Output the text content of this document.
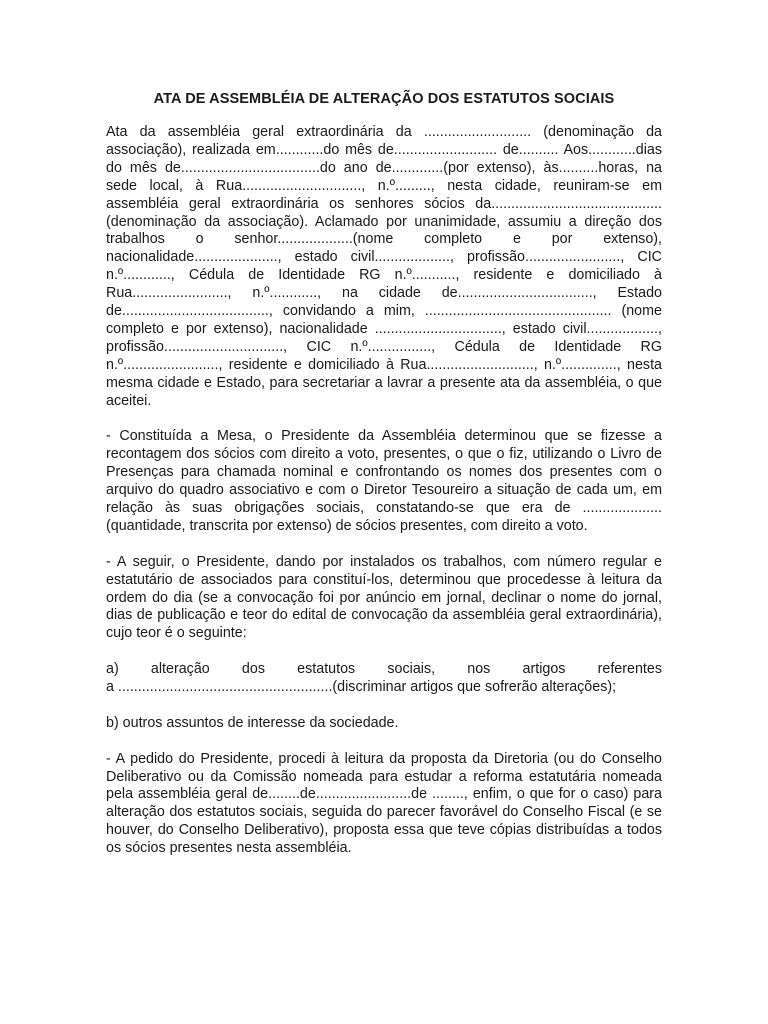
ATA DE ASSEMBLÉIA DE ALTERAÇÃO DOS ESTATUTOS SOCIAIS

Ata da assembléia geral extraordinária da ........................... (denominação da associação), realizada em............do mês de.......................... de.......... Aos............dias do mês de...................................do ano de.............(por extenso), às..........horas, na sede local, à Rua.............................., n.º........., nesta cidade, reuniram-se em assembléia geral extraordinária os senhores sócios da...........................................(denominação da associação). Aclamado por unanimidade, assumiu a direção dos trabalhos o senhor...................(nome completo e por extenso), nacionalidade....................., estado civil..................., profissão........................, CIC n.º............, Cédula de Identidade RG n.º..........., residente e domiciliado à Rua........................, n.º............, na cidade de.................................., Estado de....................................., convidando a mim, ............................................... (nome completo e por extenso), nacionalidade ................................, estado civil.................., profissão.............................., CIC n.º................, Cédula de Identidade RG n.º........................, residente e domiciliado à Rua..........................., n.º.............., nesta mesma cidade e Estado, para secretariar a lavrar a presente ata da assembléia, o que aceitei.

- Constituída a Mesa, o Presidente da Assembléia determinou que se fizesse a recontagem dos sócios com direito a voto, presentes, o que o fiz, utilizando o Livro de Presenças para chamada nominal e confrontando os nomes dos presentes com o arquivo do quadro associativo e com o Diretor Tesoureiro a situação de cada um, em relação às suas obrigações sociais, constatando-se que era de .................... (quantidade, transcrita por extenso) de sócios presentes, com direito a voto.

- A seguir, o Presidente, dando por instalados os trabalhos, com número regular e estatutário de associados para constituí-los, determinou que procedesse à leitura da ordem do dia (se a convocação foi por anúncio em jornal, declinar o nome do jornal, dias de publicação e teor do edital de convocação da assembléia geral extraordinária), cujo teor é o seguinte:

a) alteração dos estatutos sociais, nos artigos referentes
a ......................................................(discriminar artigos que sofrerão alterações);

b) outros assuntos de interesse da sociedade.

- A pedido do Presidente, procedi à leitura da proposta da Diretoria (ou do Conselho Deliberativo ou da Comissão nomeada para estudar a reforma estatutária nomeada pela assembléia geral de........de........................de ........, enfim, o que for o caso) para alteração dos estatutos sociais, seguida do parecer favorável do Conselho Fiscal (e se houver, do Conselho Deliberativo), proposta essa que teve cópias distribuídas a todos os sócios presentes nesta assembléia.
